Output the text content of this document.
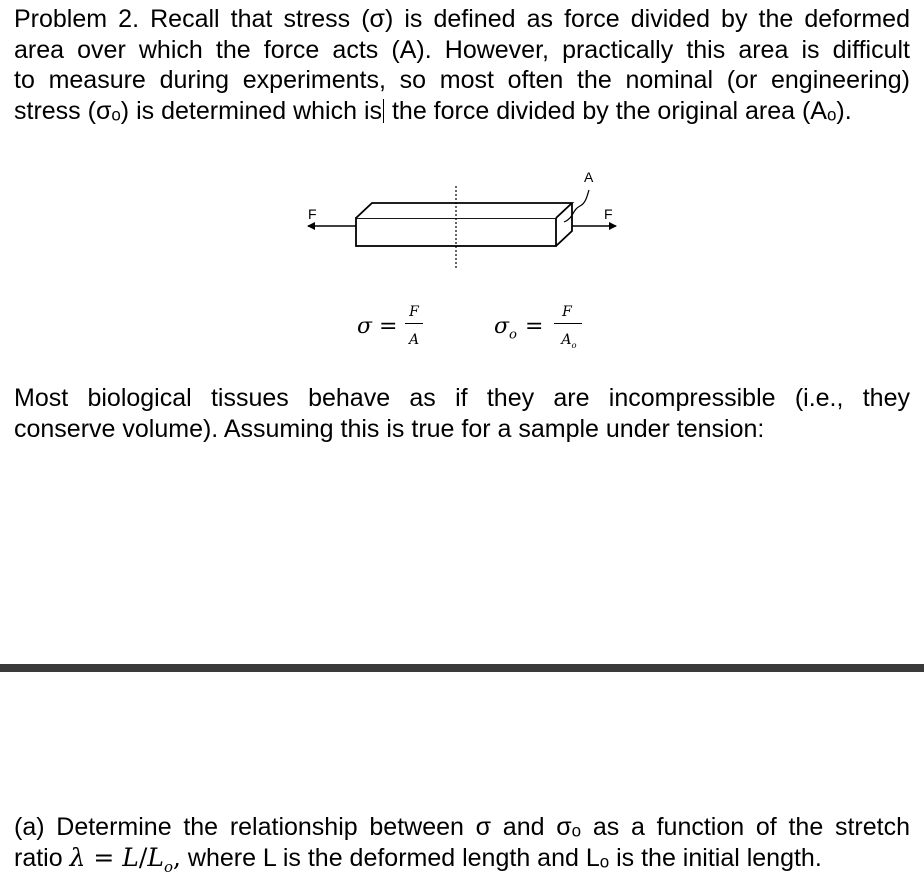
Problem 2. Recall that stress (σ) is defined as force divided by the deformed
area over which the force acts (A). However, practically this area is difficult
to measure during experiments, so most often the nominal (or engineering)
stress (σₒ) is determined which is the force divided by the original area (Aₒ).
F
A
F
σ =
F
A
$\sigma_o$ =
F
$A_o$
Most biological tissues behave as if they are incompressible (i.e., they
conserve volume). Assuming this is true for a sample under tension:
(a) Determine the relationship between σ and σₒ as a function of the stretch
ratio $\lambda = L/L_o$, where L is the deformed length and Lₒ is the initial length.
